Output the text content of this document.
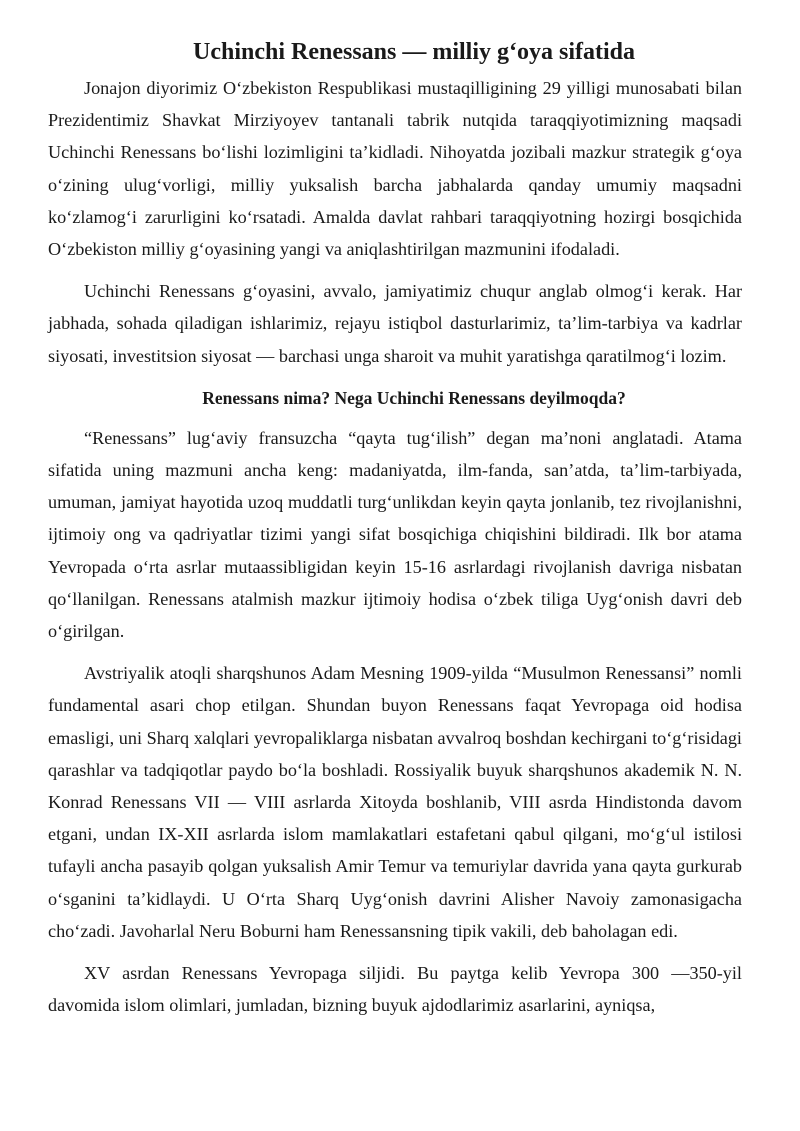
Uchinchi Renessans — milliy g‘oya sifatida

Jonajon diyorimiz O‘zbekiston Respublikasi mustaqilligining 29 yilligi munosabati bilan Prezidentimiz Shavkat Mirziyoyev tantanali tabrik nutqida taraqqiyotimizning maqsadi Uchinchi Renessans bo‘lishi lozimligini ta’kidladi. Nihoyatda jozibali mazkur strategik g‘oya o‘zining ulug‘vorligi, milliy yuksalish barcha jabhalarda qanday umumiy maqsadni ko‘zlamog‘i zarurligini ko‘rsatadi. Amalda davlat rahbari taraqqiyotning hozirgi bosqichida O‘zbekiston milliy g‘oyasining yangi va aniqlashtirilgan mazmunini ifodaladi.

Uchinchi Renessans g‘oyasini, avvalo, jamiyatimiz chuqur anglab olmog‘i kerak. Har jabhada, sohada qiladigan ishlarimiz, rejayu istiqbol dasturlarimiz, ta’lim-tarbiya va kadrlar siyosati, investitsion siyosat — barchasi unga sharoit va muhit yaratishga qaratilmog‘i lozim.

Renessans nima? Nega Uchinchi Renessans deyilmoqda?

“Renessans” lug‘aviy fransuzcha “qayta tug‘ilish” degan ma’noni anglatadi. Atama sifatida uning mazmuni ancha keng: madaniyatda, ilm-fanda, san’atda, ta’lim-tarbiyada, umuman, jamiyat hayotida uzoq muddatli turg‘unlikdan keyin qayta jonlanib, tez rivojlanishni, ijtimoiy ong va qadriyatlar tizimi yangi sifat bosqichiga chiqishini bildiradi. Ilk bor atama Yevropada o‘rta asrlar mutaassibligidan keyin 15-16 asrlardagi rivojlanish davriga nisbatan qo‘llanilgan. Renessans atalmish mazkur ijtimoiy hodisa o‘zbek tiliga Uyg‘onish davri deb o‘girilgan.

Avstriyalik atoqli sharqshunos Adam Mesning 1909-yilda “Musulmon Renessansi” nomli fundamental asari chop etilgan. Shundan buyon Renessans faqat Yevropaga oid hodisa emasligi, uni Sharq xalqlari yevropaliklarga nisbatan avvalroq boshdan kechirgani to‘g‘risidagi qarashlar va tadqiqotlar paydo bo‘la boshladi. Rossiyalik buyuk sharqshunos akademik N. N. Konrad Renessans VII — VIII asrlarda Xitoyda boshlanib, VIII asrda Hindistonda davom etgani, undan IX-XII asrlarda islom mamlakatlari estafetani qabul qilgani, mo‘g‘ul istilosi tufayli ancha pasayib qolgan yuksalish Amir Temur va temuriylar davrida yana qayta gurkurab o‘sganini ta’kidlaydi. U O‘rta Sharq Uyg‘onish davrini Alisher Navoiy zamonasigacha cho‘zadi. Javoharlal Neru Boburni ham Renessansning tipik vakili, deb baholagan edi.

XV asrdan Renessans Yevropaga siljidi. Bu paytga kelib Yevropa 300 —350-yil davomida islom olimlari, jumladan, bizning buyuk ajdodlarimiz asarlarini, ayniqsa,
